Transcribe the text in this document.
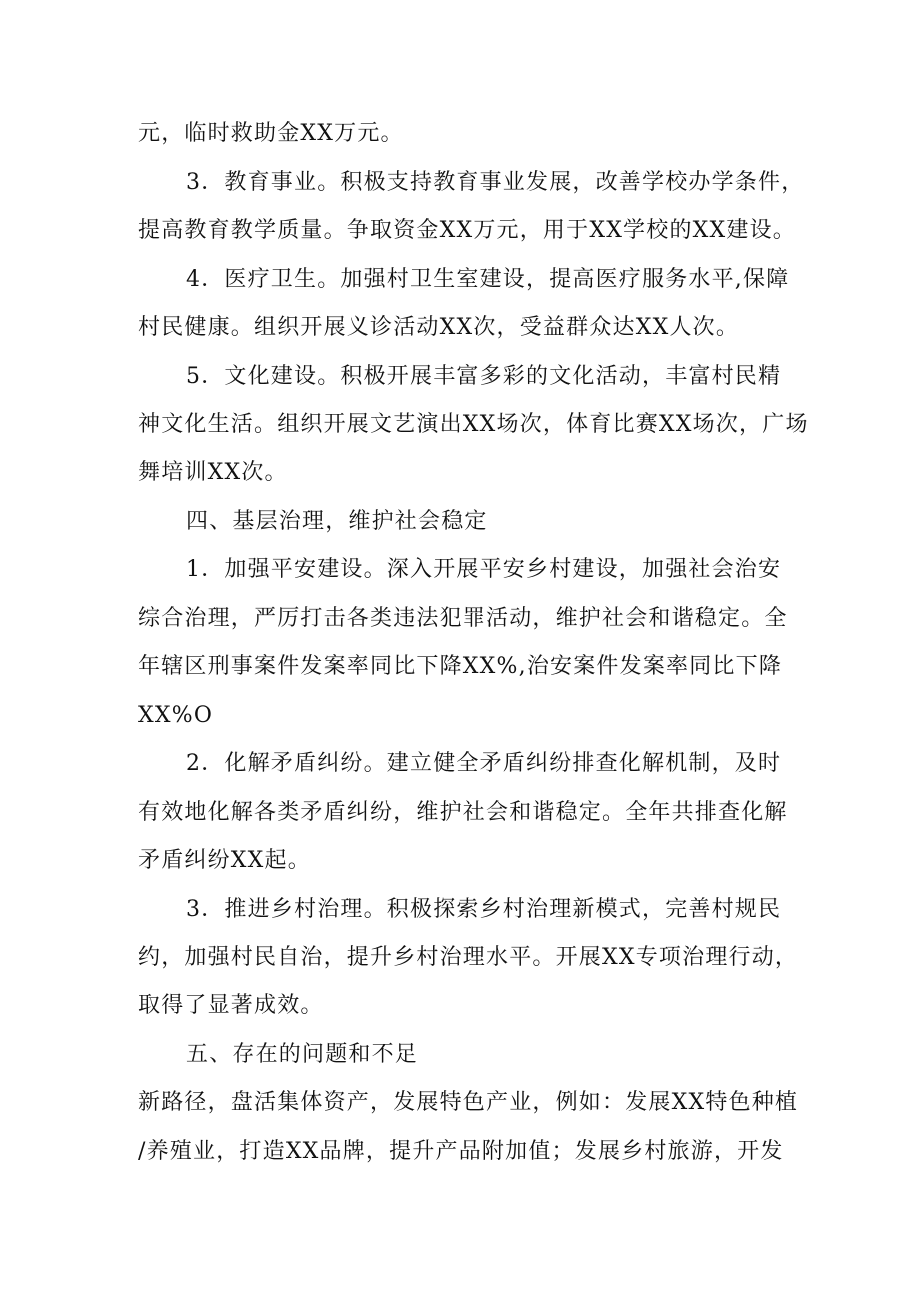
元，临时救助金XX万元。
3．教育事业。积极支持教育事业发展，改善学校办学条件，
提高教育教学质量。争取资金XX万元，用于XX学校的XX建设。
4．医疗卫生。加强村卫生室建设，提高医疗服务水平,保障
村民健康。组织开展义诊活动XX次，受益群众达XX人次。
5．文化建设。积极开展丰富多彩的文化活动，丰富村民精
神文化生活。组织开展文艺演出XX场次，体育比赛XX场次，广场
舞培训XX次。
四、基层治理，维护社会稳定
1．加强平安建设。深入开展平安乡村建设，加强社会治安
综合治理，严厉打击各类违法犯罪活动，维护社会和谐稳定。全
年辖区刑事案件发案率同比下降XX%,治安案件发案率同比下降
XX%O
2．化解矛盾纠纷。建立健全矛盾纠纷排查化解机制，及时
有效地化解各类矛盾纠纷，维护社会和谐稳定。全年共排查化解
矛盾纠纷XX起。
3．推进乡村治理。积极探索乡村治理新模式，完善村规民
约，加强村民自治，提升乡村治理水平。开展XX专项治理行动，
取得了显著成效。
五、存在的问题和不足
新路径，盘活集体资产，发展特色产业，例如：发展XX特色种植
/养殖业，打造XX品牌，提升产品附加值；发展乡村旅游，开发
